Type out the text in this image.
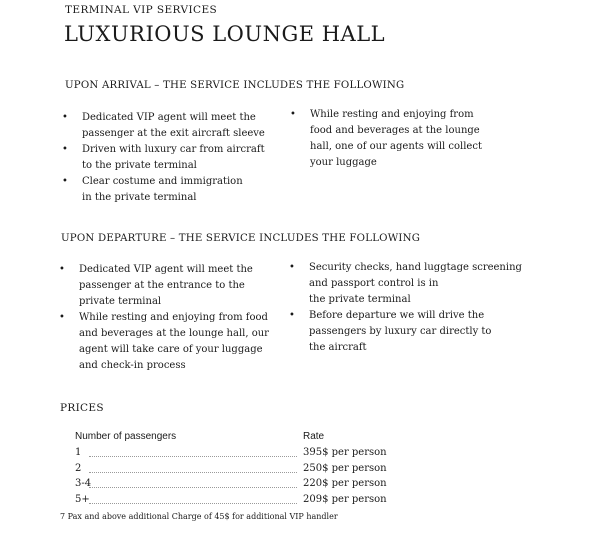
TERMINAL VIP SERVICES
LUXURIOUS LOUNGE HALL
UPON ARRIVAL – THE SERVICE INCLUDES THE FOLLOWING
• Dedicated VIP agent will meet the
passenger at the exit aircraft sleeve
• Driven with luxury car from aircraft
to the private terminal
• Clear costume and immigration
in the private terminal
• While resting and enjoying from
food and beverages at the lounge
hall, one of our agents will collect
your luggage
UPON DEPARTURE – THE SERVICE INCLUDES THE FOLLOWING
• Dedicated VIP agent will meet the
passenger at the entrance to the
private terminal
• While resting and enjoying from food
and beverages at the lounge hall, our
agent will take care of your luggage
and check-in process
• Security checks, hand luggtage screening
and passport control is in
the private terminal
• Before departure we will drive the
passengers by luxury car directly to
the aircraft
PRICES
Number of passengers	Rate
1	395$ per person
2	250$ per person
3-4	220$ per person
5+	209$ per person
7 Pax and above additional Charge of 45$ for additional VIP handler
